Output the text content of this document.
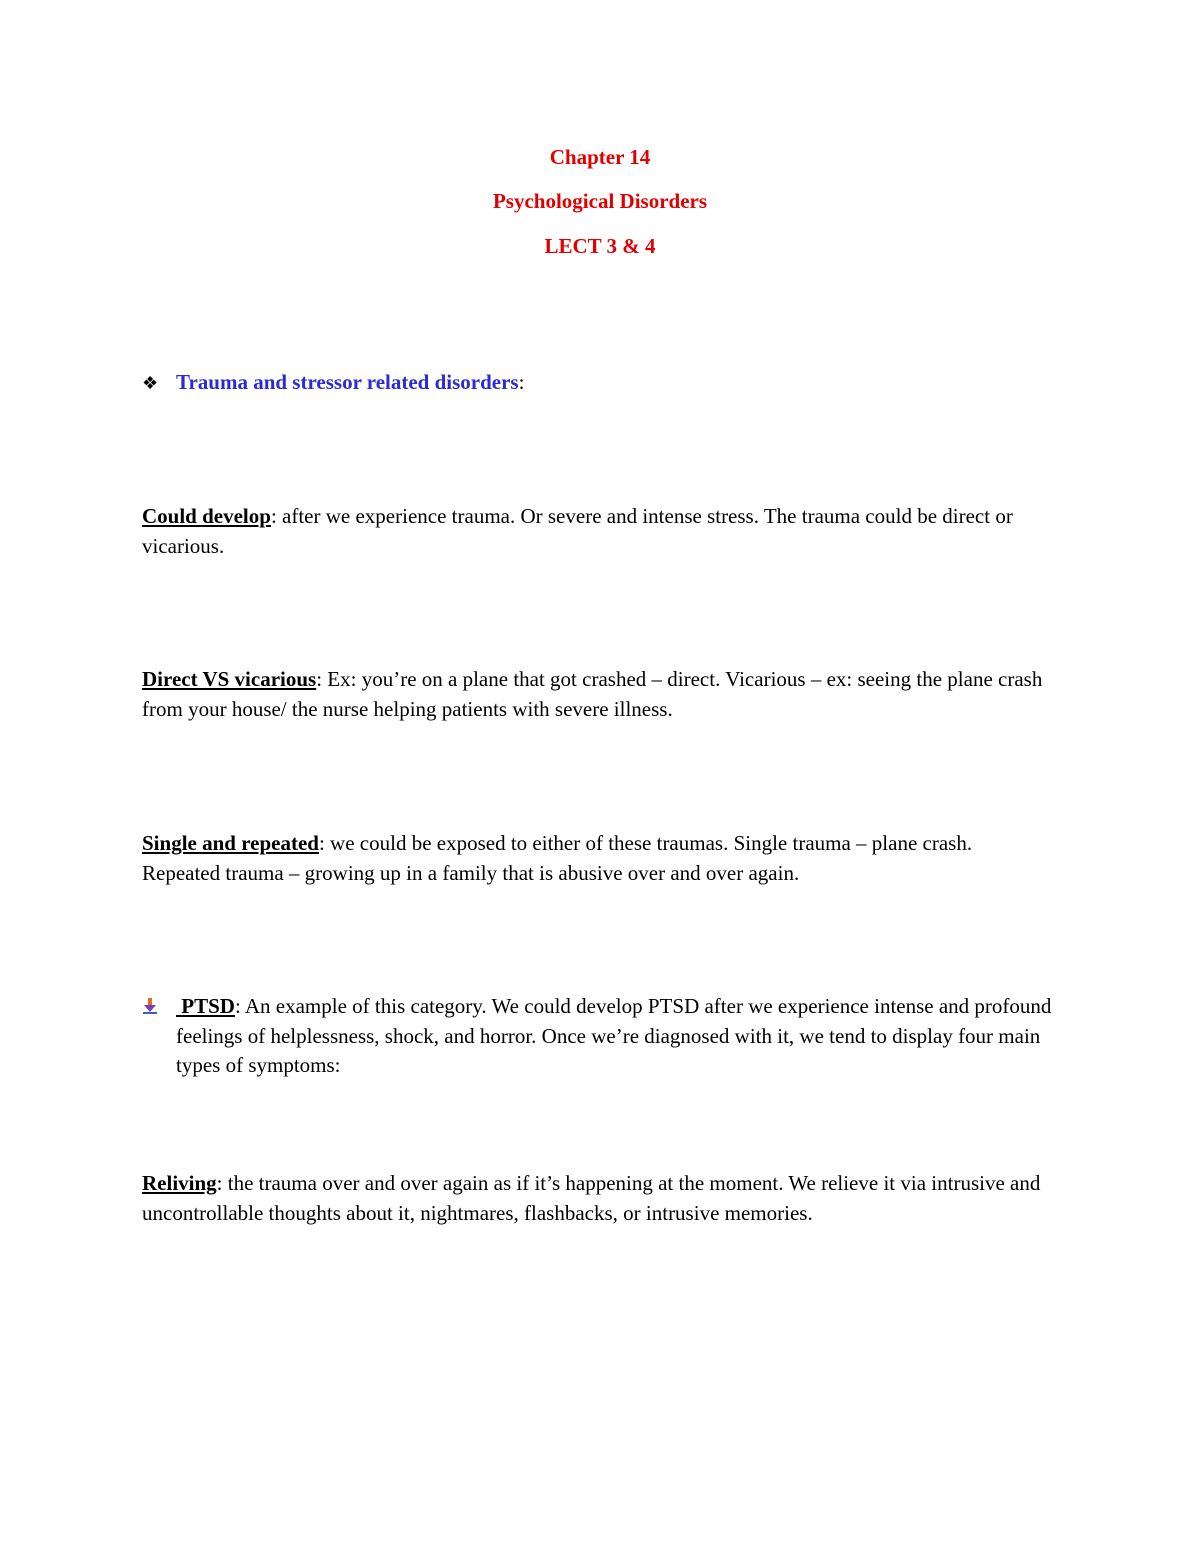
Chapter 14
Psychological Disorders
LECT 3 & 4
❖ Trauma and stressor related disorders:
Could develop: after we experience trauma. Or severe and intense stress. The trauma could be direct or vicarious.
Direct VS vicarious: Ex: you’re on a plane that got crashed – direct. Vicarious – ex: seeing the plane crash from your house/ the nurse helping patients with severe illness.
Single and repeated: we could be exposed to either of these traumas. Single trauma – plane crash. Repeated trauma – growing up in a family that is abusive over and over again.
PTSD: An example of this category. We could develop PTSD after we experience intense and profound feelings of helplessness, shock, and horror. Once we’re diagnosed with it, we tend to display four main types of symptoms:
Reliving: the trauma over and over again as if it’s happening at the moment. We relieve it via intrusive and uncontrollable thoughts about it, nightmares, flashbacks, or intrusive memories.
